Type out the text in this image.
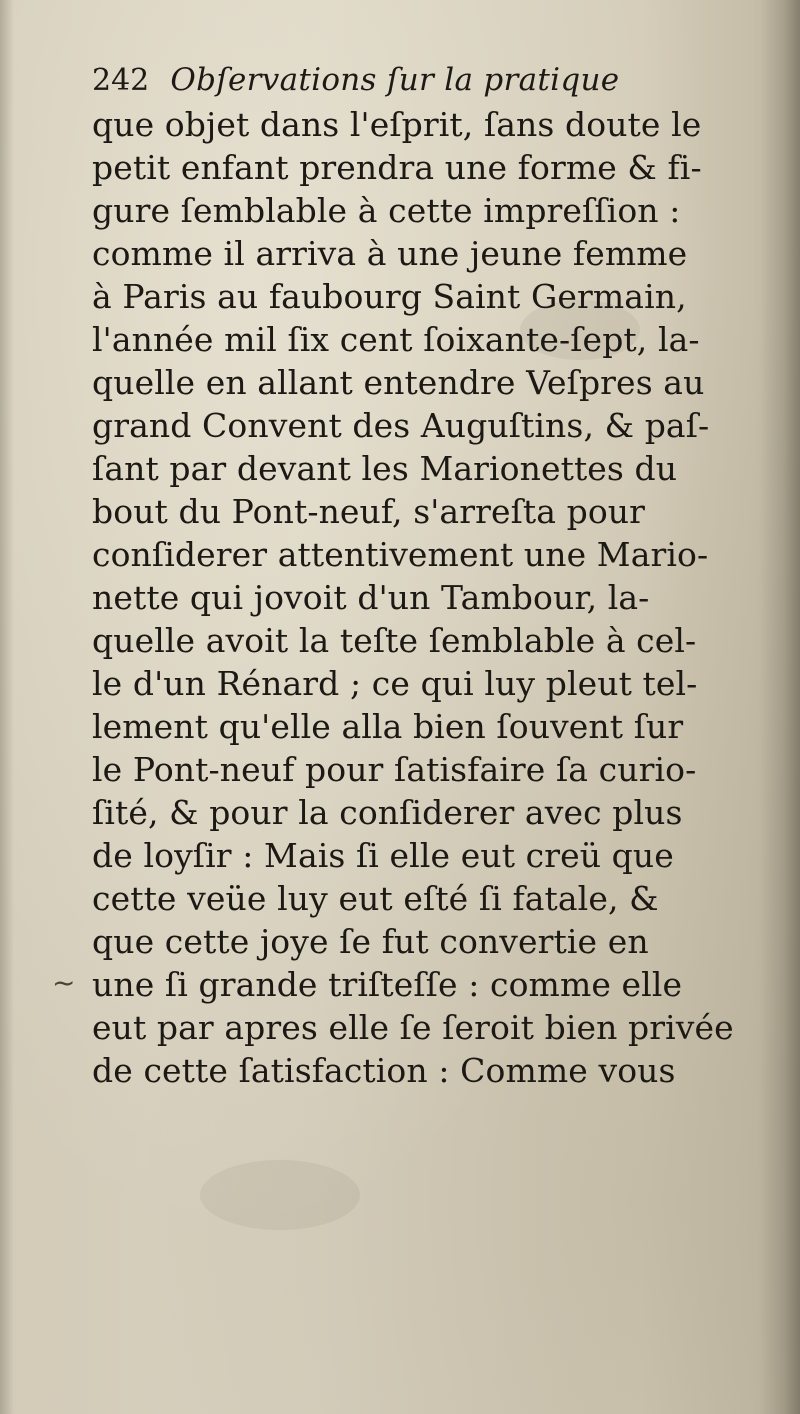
242 Obſervations ſur la pratique
que objet dans l'eſprit, ſans doute le
petit enfant prendra une forme & fi-
gure ſemblable à cette impreſſion :
comme il arriva à une jeune femme
à Paris au faubourg Saint Germain,
l'année mil ſix cent ſoixante-ſept, la-
quelle en allant entendre Veſpres au
grand Convent des Auguſtins, & paſ-
ſant par devant les Marionettes du
bout du Pont-neuf, s'arreſta pour
conſiderer attentivement une Mario-
nette qui jovoit d'un Tambour, la-
quelle avoit la teſte ſemblable à cel-
le d'un Rénard ; ce qui luy pleut tel-
lement qu'elle alla bien ſouvent ſur
le Pont-neuf pour ſatisfaire ſa curio-
ſité, & pour la conſiderer avec plus
de loyſir : Mais ſi elle eut creü que
cette veüe luy eut eſté ſi fatale, &
que cette joye ſe fut convertie en
une ſi grande triſteſſe : comme elle
eut par apres elle ſe ſeroit bien privée
de cette ſatisfaction : Comme vous
~
